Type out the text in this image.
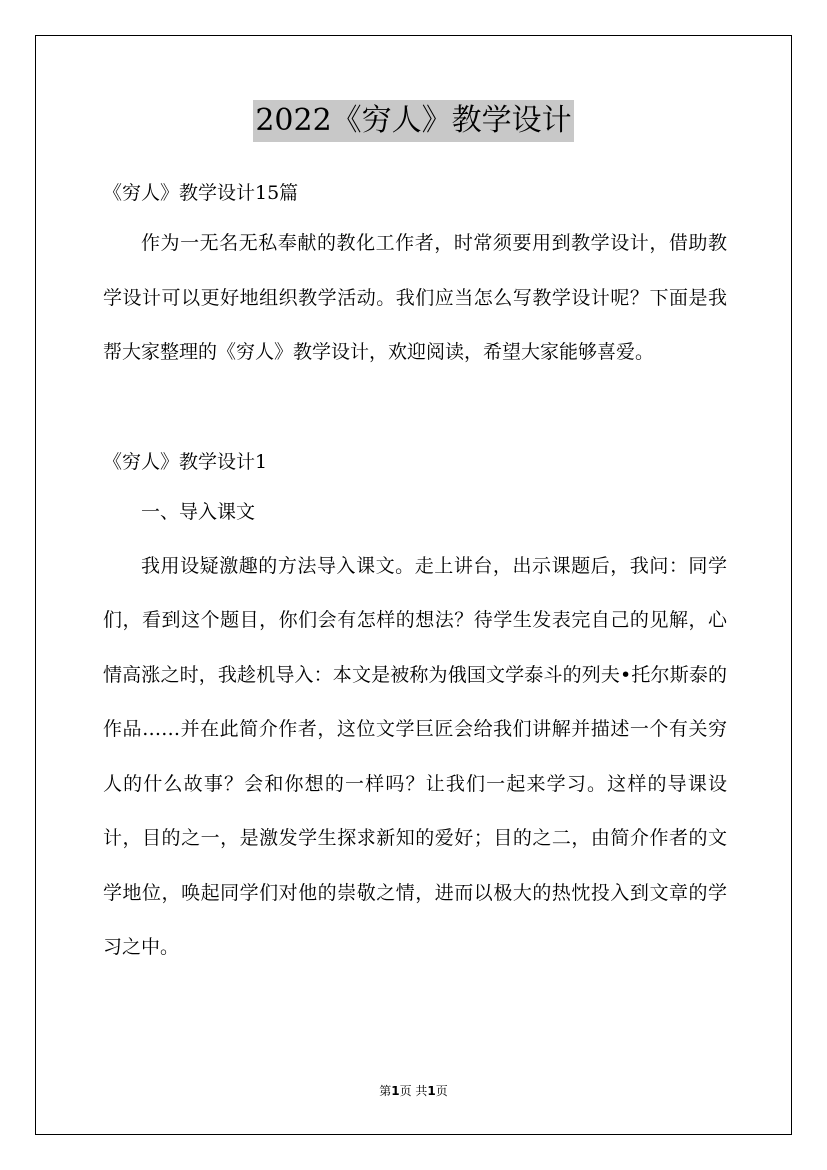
2022《穷人》教学设计

《穷人》教学设计15篇

作为一无名无私奉献的教化工作者，时常须要用到教学设计，借助教学设计可以更好地组织教学活动。我们应当怎么写教学设计呢？下面是我帮大家整理的《穷人》教学设计，欢迎阅读，希望大家能够喜爱。

《穷人》教学设计1

一、导入课文

我用设疑激趣的方法导入课文。走上讲台，出示课题后，我问：同学们，看到这个题目，你们会有怎样的想法？待学生发表完自己的见解，心情高涨之时，我趁机导入：本文是被称为俄国文学泰斗的列夫•托尔斯泰的作品……并在此简介作者，这位文学巨匠会给我们讲解并描述一个有关穷人的什么故事？会和你想的一样吗？让我们一起来学习。这样的导课设计，目的之一，是激发学生探求新知的爱好；目的之二，由简介作者的文学地位，唤起同学们对他的崇敬之情，进而以极大的热忱投入到文章的学习之中。

第1页 共1页
